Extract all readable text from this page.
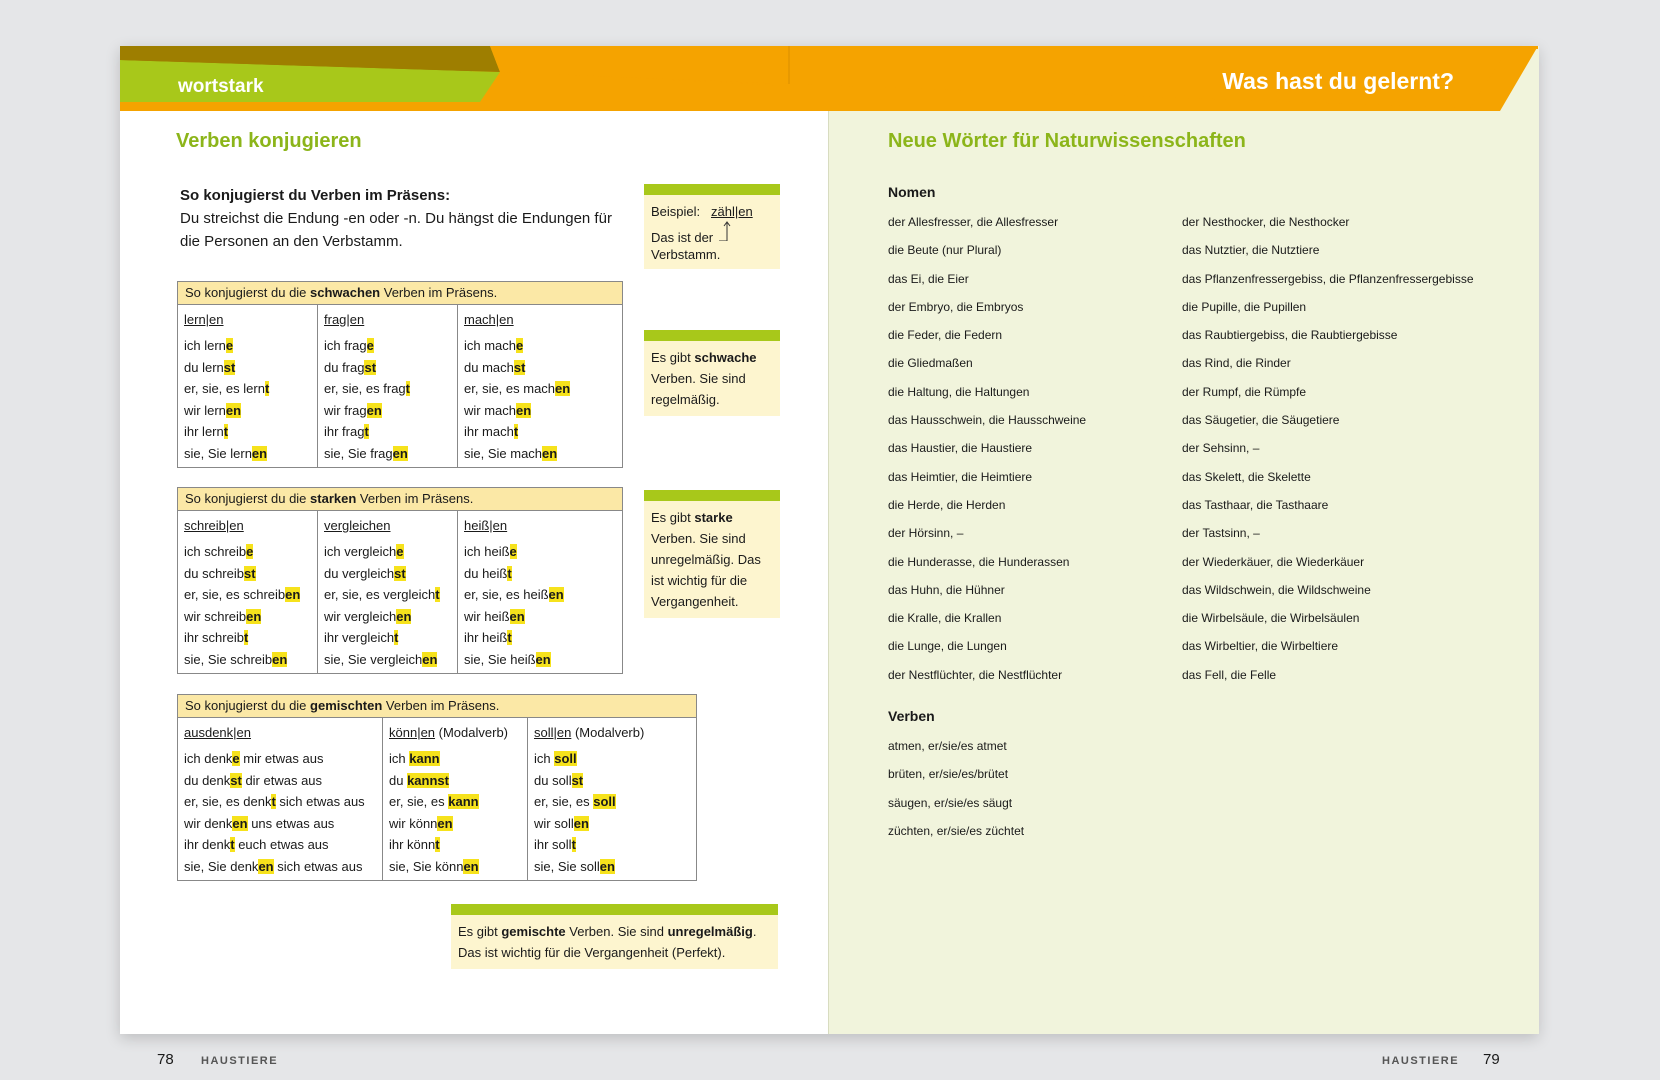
wortstark	Was hast du gelernt?
Verben konjugieren
So konjugierst du Verben im Präsens:
Du streichst die Endung -en oder -n. Du hängst die Endungen für die Personen an den Verbstamm.
Beispiel: zähl|en
Das ist der Verbstamm.
So konjugierst du die schwachen Verben im Präsens.
lern|en
ich lerne
du lernst
er, sie, es lernt
wir lernen
ihr lernt
sie, Sie lernen
frag|en
ich frage
du fragst
er, sie, es fragt
wir fragen
ihr fragt
sie, Sie fragen
mach|en
ich mache
du machst
er, sie, es machen
wir machen
ihr macht
sie, Sie machen
Es gibt schwache Verben. Sie sind regelmäßig.
So konjugierst du die starken Verben im Präsens.
schreib|en
ich schreibe
du schreibst
er, sie, es schreiben
wir schreiben
ihr schreibt
sie, Sie schreiben
vergleichen
ich vergleiche
du vergleichst
er, sie, es vergleicht
wir vergleichen
ihr vergleicht
sie, Sie vergleichen
heiß|en
ich heiße
du heißt
er, sie, es heißen
wir heißen
ihr heißt
sie, Sie heißen
Es gibt starke Verben. Sie sind unregelmäßig. Das ist wichtig für die Vergangenheit.
So konjugierst du die gemischten Verben im Präsens.
ausdenk|en
ich denke mir etwas aus
du denkst dir etwas aus
er, sie, es denkt sich etwas aus
wir denken uns etwas aus
ihr denkt euch etwas aus
sie, Sie denken sich etwas aus
könn|en (Modalverb)
ich kann
du kannst
er, sie, es kann
wir können
ihr könnt
sie, Sie können
soll|en (Modalverb)
ich soll
du sollst
er, sie, es soll
wir sollen
ihr sollt
sie, Sie sollen
Es gibt gemischte Verben. Sie sind unregelmäßig.
Das ist wichtig für die Vergangenheit (Perfekt).
78 HAUSTIERE
Neue Wörter für Naturwissenschaften
Nomen
der Allesfresser, die Allesfresser
die Beute (nur Plural)
das Ei, die Eier
der Embryo, die Embryos
die Feder, die Federn
die Gliedmaßen
die Haltung, die Haltungen
das Hausschwein, die Hausschweine
das Haustier, die Haustiere
das Heimtier, die Heimtiere
die Herde, die Herden
der Hörsinn, –
die Hunderasse, die Hunderassen
das Huhn, die Hühner
die Kralle, die Krallen
die Lunge, die Lungen
der Nestflüchter, die Nestflüchter
der Nesthocker, die Nesthocker
das Nutztier, die Nutztiere
das Pflanzenfressergebiss, die Pflanzenfressergebisse
die Pupille, die Pupillen
das Raubtiergebiss, die Raubtiergebisse
das Rind, die Rinder
der Rumpf, die Rümpfe
das Säugetier, die Säugetiere
der Sehsinn, –
das Skelett, die Skelette
das Tasthaar, die Tasthaare
der Tastsinn, –
der Wiederkäuer, die Wiederkäuer
das Wildschwein, die Wildschweine
die Wirbelsäule, die Wirbelsäulen
das Wirbeltier, die Wirbeltiere
das Fell, die Felle
Verben
atmen, er/sie/es atmet
brüten, er/sie/es/brütet
säugen, er/sie/es säugt
züchten, er/sie/es züchtet
HAUSTIERE 79
